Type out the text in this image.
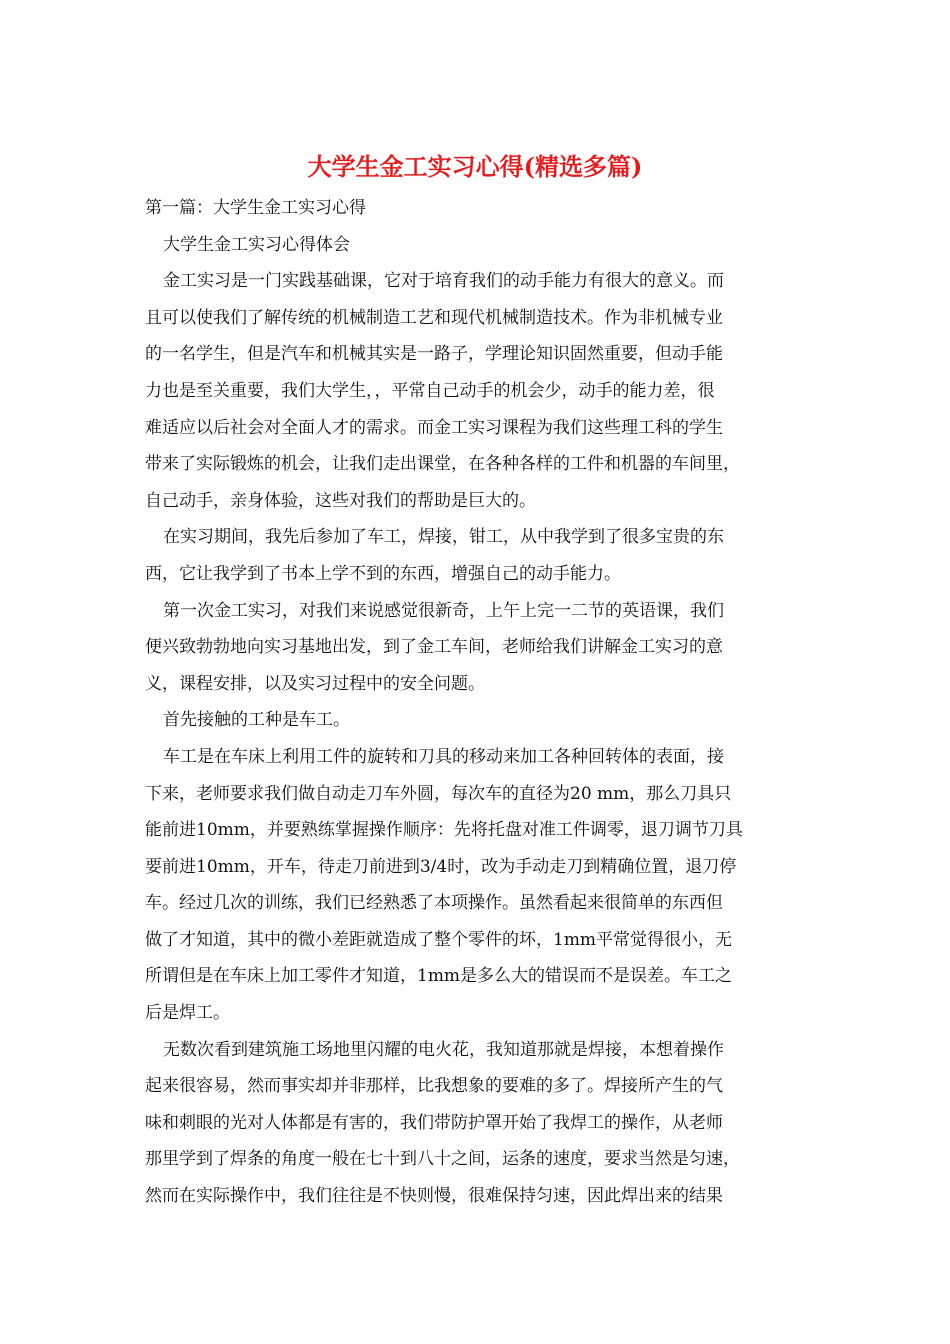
大学生金工实习心得(精选多篇)
第一篇：大学生金工实习心得
大学生金工实习心得体会
金工实习是一门实践基础课，它对于培育我们的动手能力有很大的意义。而
且可以使我们了解传统的机械制造工艺和现代机械制造技术。作为非机械专业
的一名学生，但是汽车和机械其实是一路子，学理论知识固然重要，但动手能
力也是至关重要，我们大学生，，平常自己动手的机会少，动手的能力差，很
难适应以后社会对全面人才的需求。而金工实习课程为我们这些理工科的学生
带来了实际锻炼的机会，让我们走出课堂，在各种各样的工件和机器的车间里，
自己动手，亲身体验，这些对我们的帮助是巨大的。
在实习期间，我先后参加了车工，焊接，钳工，从中我学到了很多宝贵的东
西，它让我学到了书本上学不到的东西，增强自己的动手能力。
第一次金工实习，对我们来说感觉很新奇，上午上完一二节的英语课，我们
便兴致勃勃地向实习基地出发，到了金工车间，老师给我们讲解金工实习的意
义，课程安排，以及实习过程中的安全问题。
首先接触的工种是车工。
车工是在车床上利用工件的旋转和刀具的移动来加工各种回转体的表面，接
下来，老师要求我们做自动走刀车外圆，每次车的直径为20 mm，那么刀具只
能前进10mm，并要熟练掌握操作顺序：先将托盘对准工件调零，退刀调节刀具
要前进10mm，开车，待走刀前进到3/4时，改为手动走刀到精确位置，退刀停
车。经过几次的训练，我们已经熟悉了本项操作。虽然看起来很简单的东西但
做了才知道，其中的微小差距就造成了整个零件的坏，1mm平常觉得很小，无
所谓但是在车床上加工零件才知道，1mm是多么大的错误而不是误差。车工之
后是焊工。
无数次看到建筑施工场地里闪耀的电火花，我知道那就是焊接，本想着操作
起来很容易，然而事实却并非那样，比我想象的要难的多了。焊接所产生的气
味和刺眼的光对人体都是有害的，我们带防护罩开始了我焊工的操作，从老师
那里学到了焊条的角度一般在七十到八十之间，运条的速度，要求当然是匀速，
然而在实际操作中，我们往往是不快则慢，很难保持匀速，因此焊出来的结果
